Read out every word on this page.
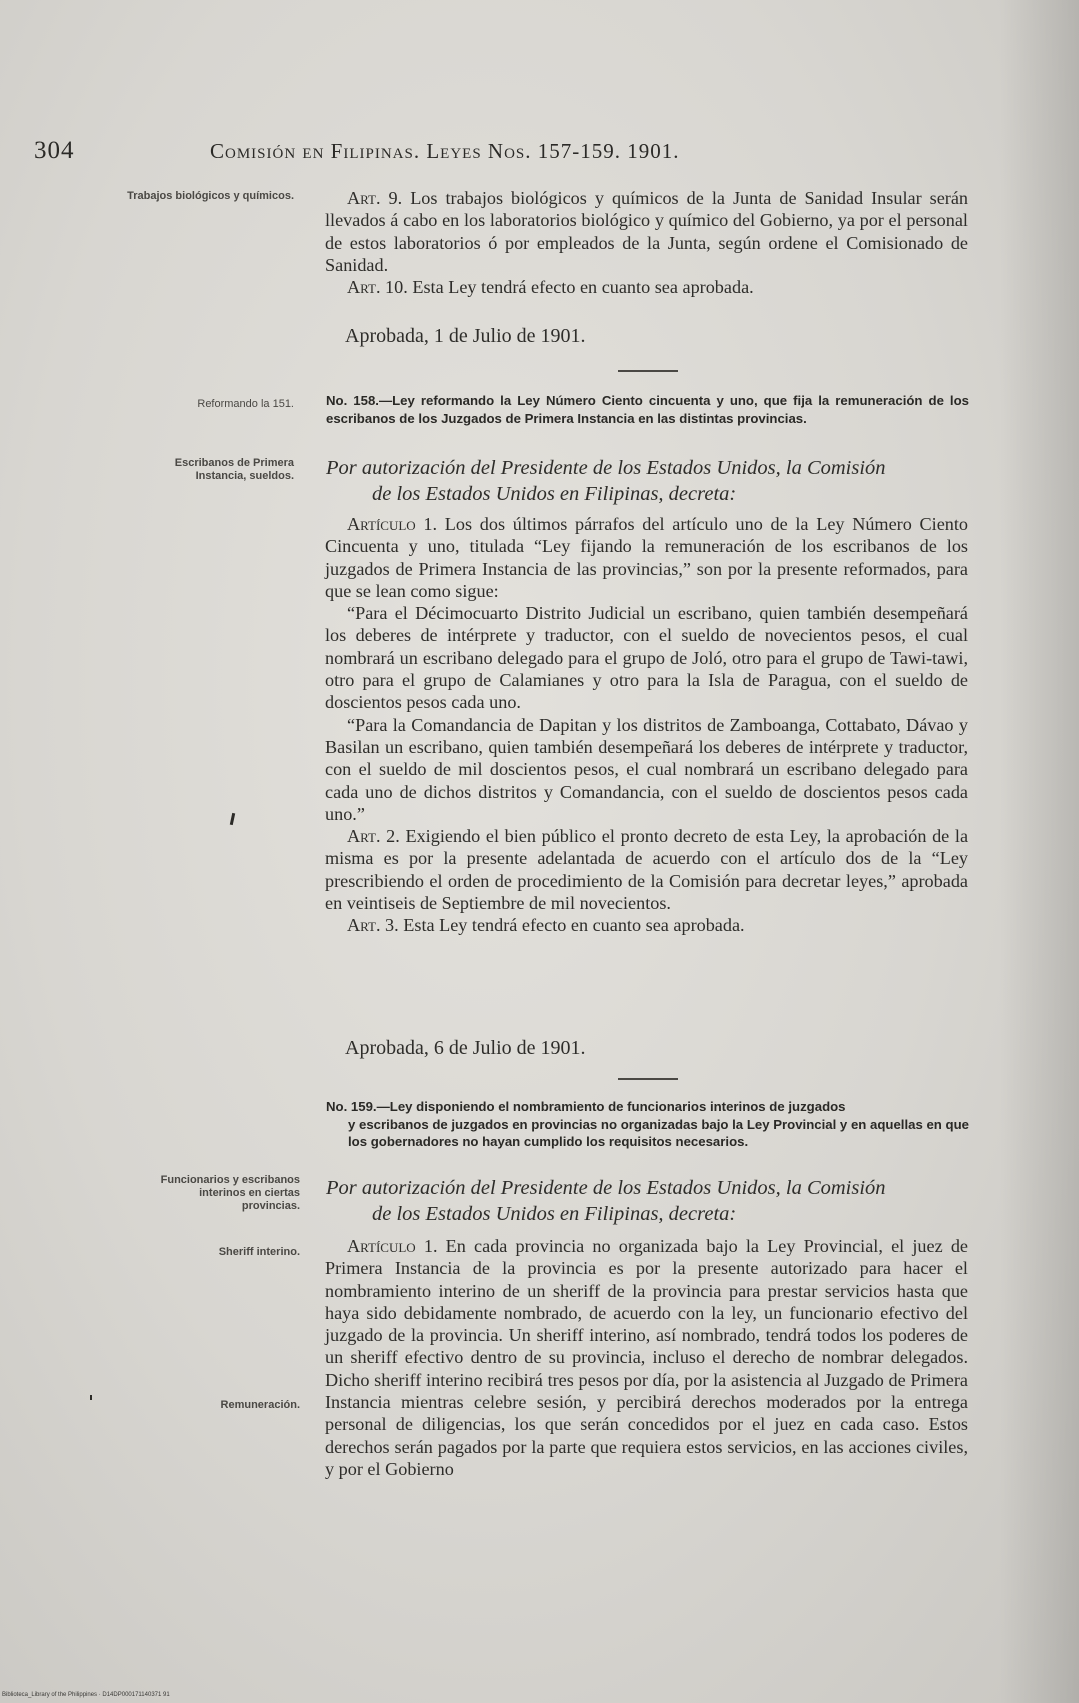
304	Comisión en Filipinas. Leyes Nos. 157-159. 1901.
Trabajos biológicos y químicos.
Reformando la 151.
Escribanos de Primera Instancia, sueldos.
Funcionarios y escribanos interinos en ciertas provincias.
Sheriff interino.
Remuneración.

Art. 9. Los trabajos biológicos y químicos de la Junta de Sanidad Insular serán llevados á cabo en los laboratorios biológico y químico del Gobierno, ya por el personal de estos laboratorios ó por empleados de la Junta, según ordene el Comisionado de Sanidad.

Art. 10. Esta Ley tendrá efecto en cuanto sea aprobada.

Aprobada, 1 de Julio de 1901.
No. 158.—Ley reformando la Ley Número Ciento cincuenta y uno, que fija la remuneración de los escribanos de los Juzgados de Primera Instancia en las distintas provincias.
Por autorización del Presidente de los Estados Unidos, la Comisión
de los Estados Unidos en Filipinas, decreta:

Artículo 1. Los dos últimos párrafos del artículo uno de la Ley Número Ciento Cincuenta y uno, titulada “Ley fijando la remuneración de los escribanos de los juzgados de Primera Instancia de las provincias,” son por la presente reformados, para que se lean como sigue:

“Para el Décimocuarto Distrito Judicial un escribano, quien también desempeñará los deberes de intérprete y traductor, con el sueldo de novecientos pesos, el cual nombrará un escribano delegado para el grupo de Joló, otro para el grupo de Tawi-tawi, otro para el grupo de Calamianes y otro para la Isla de Paragua, con el sueldo de doscientos pesos cada uno.

“Para la Comandancia de Dapitan y los distritos de Zamboanga, Cottabato, Dávao y Basilan un escribano, quien también desempeñará los deberes de intérprete y traductor, con el sueldo de mil doscientos pesos, el cual nombrará un escribano delegado para cada uno de dichos distritos y Comandancia, con el sueldo de doscientos pesos cada uno.”

Art. 2. Exigiendo el bien público el pronto decreto de esta Ley, la aprobación de la misma es por la presente adelantada de acuerdo con el artículo dos de la “Ley prescribiendo el orden de procedimiento de la Comisión para decretar leyes,” aprobada en veintiseis de Septiembre de mil novecientos.

Art. 3. Esta Ley tendrá efecto en cuanto sea aprobada.

Aprobada, 6 de Julio de 1901.
No. 159.—Ley disponiendo el nombramiento de funcionarios interinos de juzgados
y escribanos de juzgados en provincias no organizadas bajo la Ley Provincial y en aquellas en que los gobernadores no hayan cumplido los requisitos necesarios.
Por autorización del Presidente de los Estados Unidos, la Comisión
de los Estados Unidos en Filipinas, decreta:

Artículo 1. En cada provincia no organizada bajo la Ley Provincial, el juez de Primera Instancia de la provincia es por la presente autorizado para hacer el nombramiento interino de un sheriff de la provincia para prestar servicios hasta que haya sido debidamente nombrado, de acuerdo con la ley, un funcionario efectivo del juzgado de la provincia. Un sheriff interino, así nombrado, tendrá todos los poderes de un sheriff efectivo dentro de su provincia, incluso el derecho de nombrar delegados. Dicho sheriff interino recibirá tres pesos por día, por la asistencia al Juzgado de Primera Instancia mientras celebre sesión, y percibirá derechos moderados por la entrega personal de diligencias, los que serán concedidos por el juez en cada caso. Estos derechos serán pagados por la parte que requiera estos servicios, en las acciones civiles, y por el Gobierno

Biblioteca_Library of the Philippines · D14DP000171140371 91
